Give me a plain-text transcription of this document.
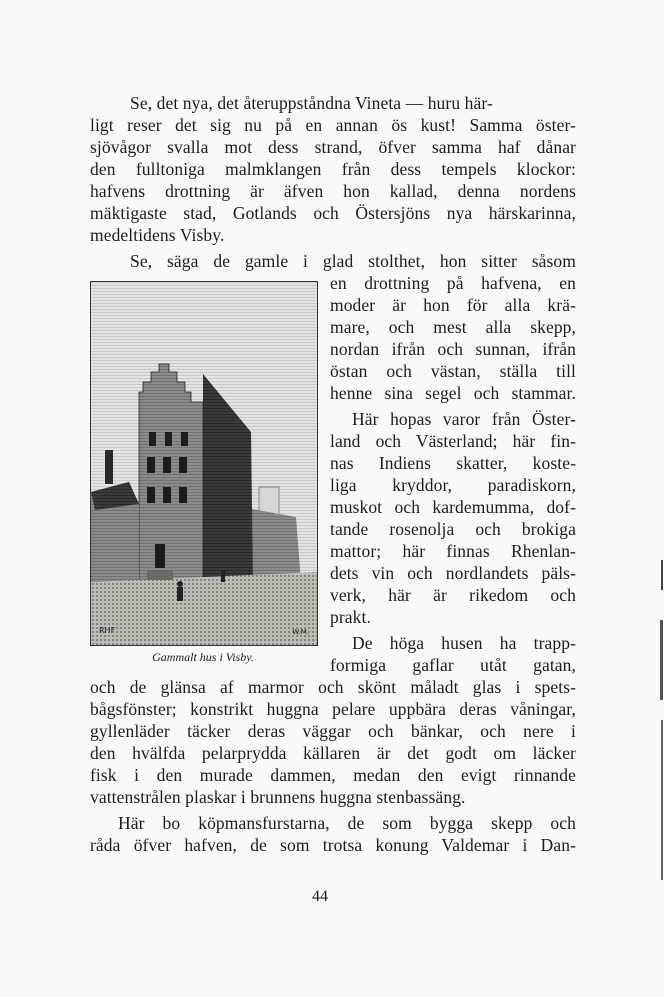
Se, det nya, det återuppståndna Vineta — huru här-
ligt reser det sig nu på en annan ös kust! Samma öster-
sjövågor svalla mot dess strand, öfver samma haf dånar
den fulltoniga malmklangen från dess tempels klockor:
hafvens drottning är äfven hon kallad, denna nordens
mäktigaste stad, Gotlands och Östersjöns nya härskarinna,
medeltidens Visby.
Se, säga de gamle i glad stolthet, hon sitter såsom
en drottning på hafvena, en
moder är hon för alla krä-
mare, och mest alla skepp,
nordan ifrån och sunnan, ifrån
östan och västan, ställa till
henne sina segel och stammar.
Här hopas varor från Öster-
land och Västerland; här fin-
nas Indiens skatter, koste-
liga kryddor, paradiskorn,
muskot och kardemumma, dof-
tande rosenolja och brokiga
mattor; här finnas Rhenlan-
dets vin och nordlandets päls-
verk, här är rikedom och
prakt.
De höga husen ha trapp-
formiga gaflar utåt gatan,
och de glänsa af marmor och skönt måladt glas i spets-
bågsfönster; konstrikt huggna pelare uppbära deras våningar,
gyllenläder täcker deras väggar och bänkar, och nere i
den hvälfda pelarprydda källaren är det godt om läcker
fisk i den murade dammen, medan den evigt rinnande
vattenstrålen plaskar i brunnens huggna stenbassäng.
Här bo köpmansfurstarna, de som bygga skepp och
råda öfver hafven, de som trotsa konung Valdemar i Dan-
RHF	W.M.
Gammalt hus i Visby.
44
